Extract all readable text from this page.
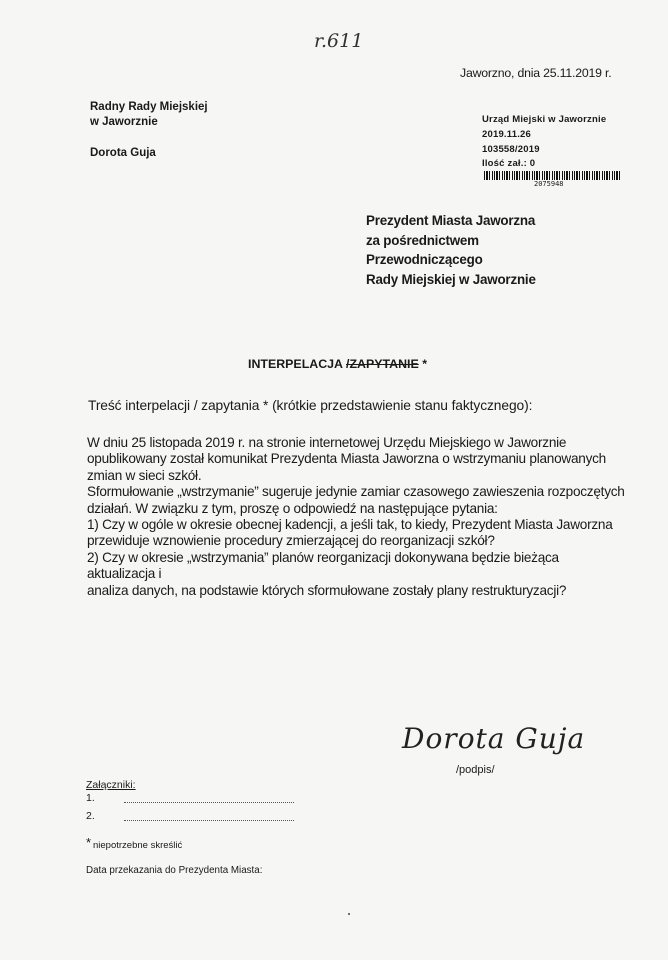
r.611
Jaworzno, dnia 25.11.2019 r.
Radny Rady Miejskiej
w Jaworznie
Dorota Guja
Urząd Miejski w Jaworznie
2019.11.26
103558/2019
Ilość zał.: 0
2075948
Prezydent Miasta Jaworzna
za pośrednictwem
Przewodniczącego
Rady Miejskiej w Jaworznie
INTERPELACJA /ZAPYTANIE *
Treść interpelacji / zapytania * (krótkie przedstawienie stanu faktycznego):
W dniu 25 listopada 2019 r. na stronie internetowej Urzędu Miejskiego w Jaworznie
opublikowany został komunikat Prezydenta Miasta Jaworzna o wstrzymaniu planowanych
zmian w sieci szkół.
Sformułowanie „wstrzymanie” sugeruje jedynie zamiar czasowego zawieszenia rozpoczętych
działań. W związku z tym, proszę o odpowiedź na następujące pytania:
1) Czy w ogóle w okresie obecnej kadencji, a jeśli tak, to kiedy, Prezydent Miasta Jaworzna
przewiduje wznowienie procedury zmierzającej do reorganizacji szkół?
2) Czy w okresie „wstrzymania” planów reorganizacji dokonywana będzie bieżąca aktualizacja i
analiza danych, na podstawie których sformułowane zostały plany restrukturyzacji?
Dorota Guja
/podpis/
Załączniki:
1.
2.
* niepotrzebne skreślić
Data przekazania do Prezydenta Miasta:
